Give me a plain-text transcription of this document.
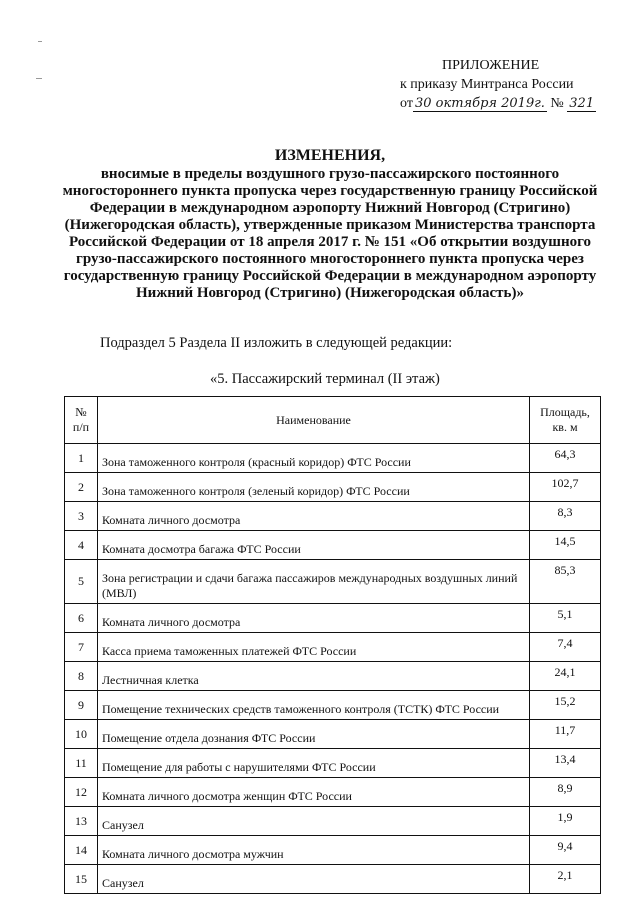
ПРИЛОЖЕНИЕ
к приказу Минтранса России
от 30 октября 2019г. № 321
ИЗМЕНЕНИЯ,
вносимые в пределы воздушного грузо-пассажирского постоянного многостороннего пункта пропуска через государственную границу Российской Федерации в международном аэропорту Нижний Новгород (Стригино) (Нижегородская область), утвержденные приказом Министерства транспорта Российской Федерации от 18 апреля 2017 г. № 151 «Об открытии воздушного грузо-пассажирского постоянного многостороннего пункта пропуска через государственную границу Российской Федерации в международном аэропорту Нижний Новгород (Стригино) (Нижегородская область)»
Подраздел 5 Раздела II изложить в следующей редакции:
«5. Пассажирский терминал (II этаж)
№ п/п	Наименование	Площадь, кв. м
1	Зона таможенного контроля (красный коридор) ФТС России	64,3
2	Зона таможенного контроля (зеленый коридор) ФТС России	102,7
3	Комната личного досмотра	8,3
4	Комната досмотра багажа ФТС России	14,5
5	Зона регистрации и сдачи багажа пассажиров международных воздушных линий (МВЛ)	85,3
6	Комната личного досмотра	5,1
7	Касса приема таможенных платежей ФТС России	7,4
8	Лестничная клетка	24,1
9	Помещение технических средств таможенного контроля (ТСТК) ФТС России	15,2
10	Помещение отдела дознания ФТС России	11,7
11	Помещение для работы с нарушителями ФТС России	13,4
12	Комната личного досмотра женщин ФТС России	8,9
13	Санузел	1,9
14	Комната личного досмотра мужчин	9,4
15	Санузел	2,1
